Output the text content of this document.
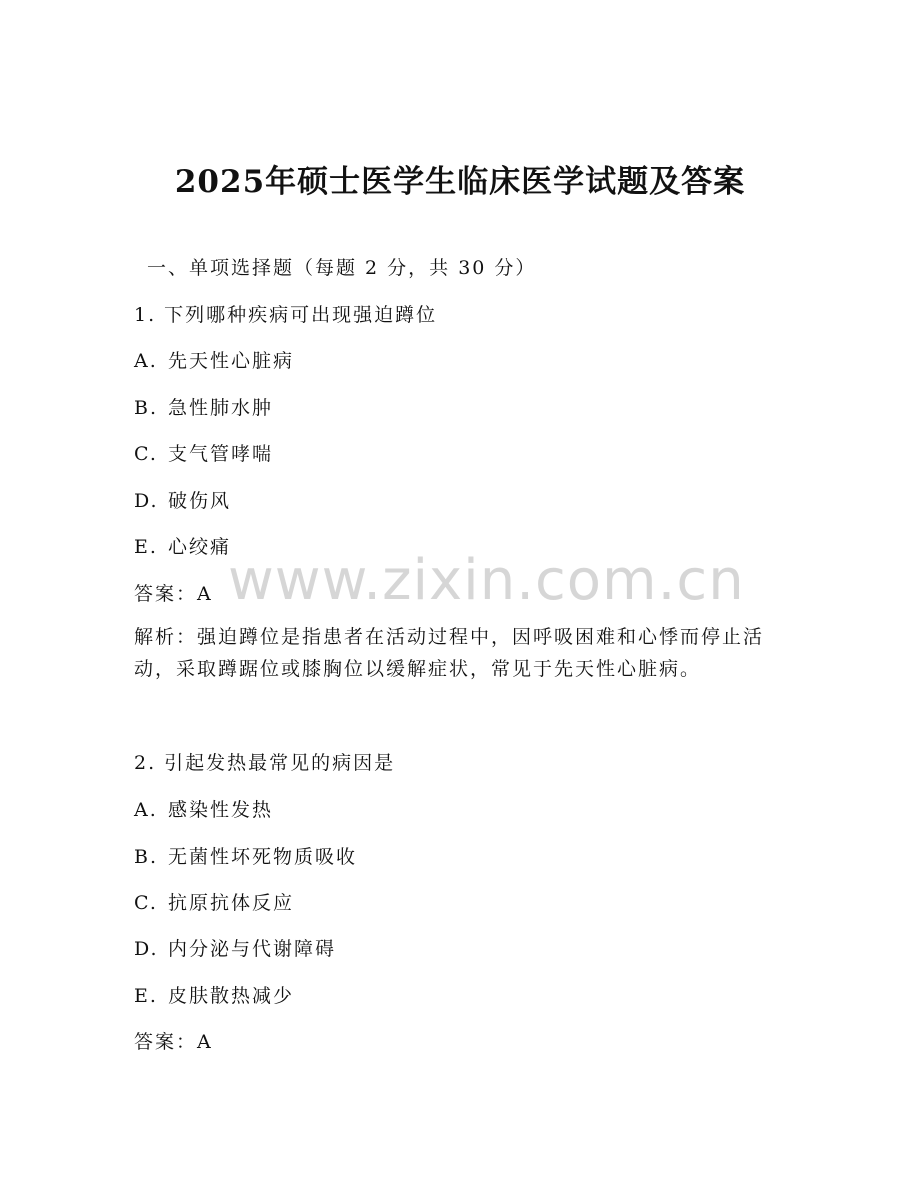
2025年硕士医学生临床医学试题及答案
一、单项选择题（每题 2 分，共 30 分）
1. 下列哪种疾病可出现强迫蹲位
A. 先天性心脏病
B. 急性肺水肿
C. 支气管哮喘
D. 破伤风
E. 心绞痛
答案：A
解析：强迫蹲位是指患者在活动过程中，因呼吸困难和心悸而停止活动，采取蹲踞位或膝胸位以缓解症状，常见于先天性心脏病。
2. 引起发热最常见的病因是
A. 感染性发热
B. 无菌性坏死物质吸收
C. 抗原抗体反应
D. 内分泌与代谢障碍
E. 皮肤散热减少
答案：A
www.zixin.com.cn
